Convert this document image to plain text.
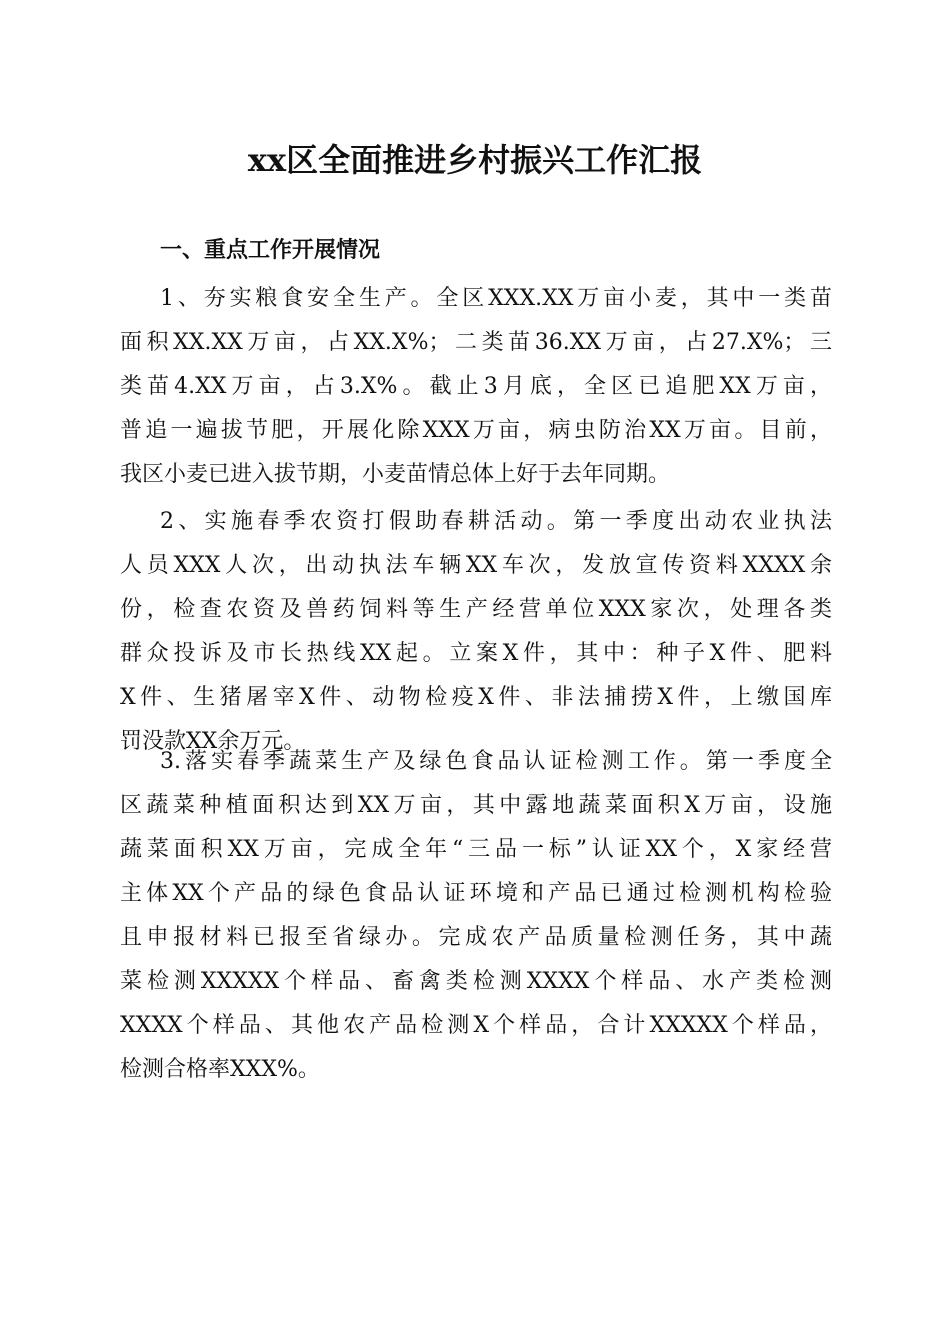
xx区全面推进乡村振兴工作汇报
一、重点工作开展情况
1、夯实粮食安全生产。全区XXX.XX万亩小麦，其中一类苗
面积XX.XX万亩，占XX.X%；二类苗36.XX万亩，占27.X%；三
类苗4.XX万亩，占3.X%。截止3月底，全区已追肥XX万亩，
普追一遍拔节肥，开展化除XXX万亩，病虫防治XX万亩。目前，
我区小麦已进入拔节期，小麦苗情总体上好于去年同期。
2、实施春季农资打假助春耕活动。第一季度出动农业执法
人员XXX人次，出动执法车辆XX车次，发放宣传资料XXXX余
份，检查农资及兽药饲料等生产经营单位XXX家次，处理各类
群众投诉及市长热线XX起。立案X件，其中：种子X件、肥料
X件、生猪屠宰X件、动物检疫X件、非法捕捞X件，上缴国库
罚没款XX余万元。
3.落实春季蔬菜生产及绿色食品认证检测工作。第一季度全
区蔬菜种植面积达到XX万亩，其中露地蔬菜面积X万亩，设施
蔬菜面积XX万亩，完成全年“三品一标”认证XX个，X家经营
主体XX个产品的绿色食品认证环境和产品已通过检测机构检验
且申报材料已报至省绿办。完成农产品质量检测任务，其中蔬
菜检测XXXXX个样品、畜禽类检测XXXX个样品、水产类检测
XXXX个样品、其他农产品检测X个样品，合计XXXXX个样品，
检测合格率XXX%。
